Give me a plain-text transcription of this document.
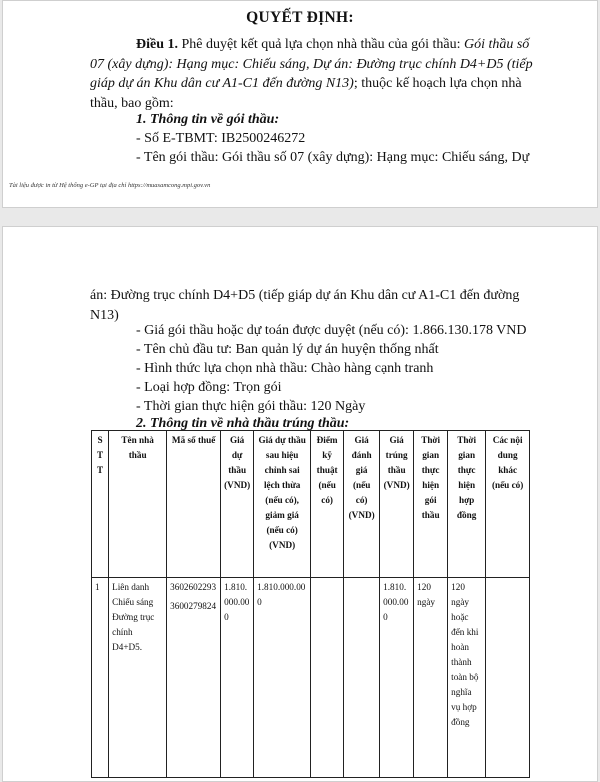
QUYẾT ĐỊNH:
Điều 1. Phê duyệt kết quả lựa chọn nhà thầu của gói thầu: Gói thầu số 07 (xây dựng): Hạng mục: Chiếu sáng, Dự án: Đường trục chính D4+D5 (tiếp giáp dự án Khu dân cư A1-C1 đến đường N13); thuộc kế hoạch lựa chọn nhà thầu, bao gồm:
1. Thông tin về gói thầu:
- Số E-TBMT: IB2500246272
- Tên gói thầu: Gói thầu số 07 (xây dựng): Hạng mục: Chiếu sáng, Dự
Tài liệu được in từ Hệ thống e-GP tại địa chỉ https://muasamcong.mpi.gov.vn
án: Đường trục chính D4+D5 (tiếp giáp dự án Khu dân cư A1-C1 đến đường N13)
- Giá gói thầu hoặc dự toán được duyệt (nếu có): 1.866.130.178 VND
- Tên chủ đầu tư: Ban quản lý dự án huyện thống nhất
- Hình thức lựa chọn nhà thầu: Chào hàng cạnh tranh
- Loại hợp đồng: Trọn gói
- Thời gian thực hiện gói thầu: 120 Ngày
2. Thông tin về nhà thầu trúng thầu:
STT	Tên nhà thầu	Mã số thuế	Giá dự thầu (VND)	Giá dự thầu sau hiệu chỉnh sai lệch thừa (nếu có), giảm giá (nếu có) (VND)	Điểm kỹ thuật (nếu có)	Giá đánh giá (nếu có) (VND)	Giá trúng thầu (VND)	Thời gian thực hiện gói thầu	Thời gian thực hiện hợp đồng	Các nội dung khác (nếu có)
1	Liên danh Chiếu sáng Đường trục chính D4+D5.	3602602293
3600279824	1.810.000.000	1.810.000.000			1.810.000.000	120 ngày	120 ngày hoặc đến khi hoàn thành toàn bộ nghĩa vụ hợp đồng	
